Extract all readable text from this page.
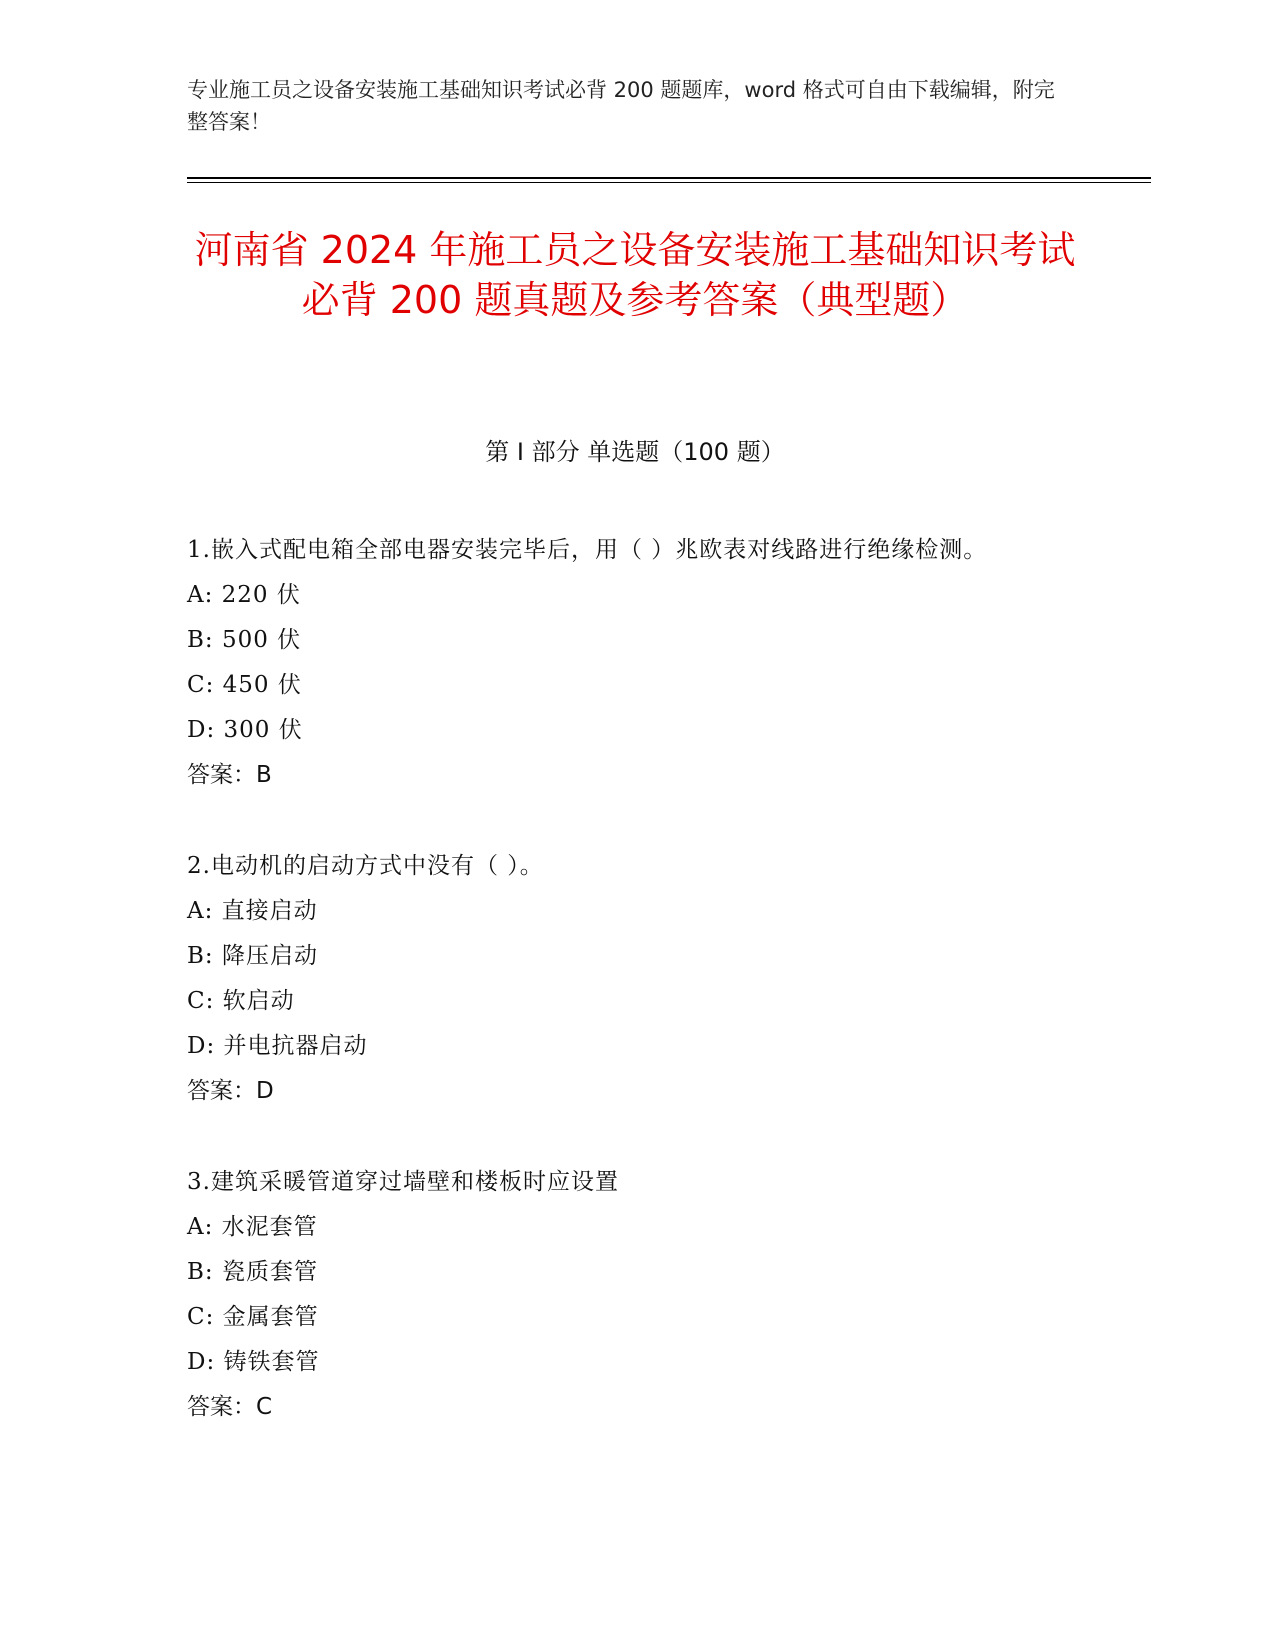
专业施工员之设备安装施工基础知识考试必背 200 题题库，word 格式可自由下载编辑，附完整答案！
河南省 2024 年施工员之设备安装施工基础知识考试必背 200 题真题及参考答案（典型题）
第 I 部分 单选题（100 题）
1.嵌入式配电箱全部电器安装完毕后，用（ ）兆欧表对线路进行绝缘检测。
A: 220 伏
B: 500 伏
C: 450 伏
D: 300 伏
答案：B
2.电动机的启动方式中没有（ ）。
A: 直接启动
B: 降压启动
C: 软启动
D: 并电抗器启动
答案：D
3.建筑采暖管道穿过墙壁和楼板时应设置
A: 水泥套管
B: 瓷质套管
C: 金属套管
D: 铸铁套管
答案：C
